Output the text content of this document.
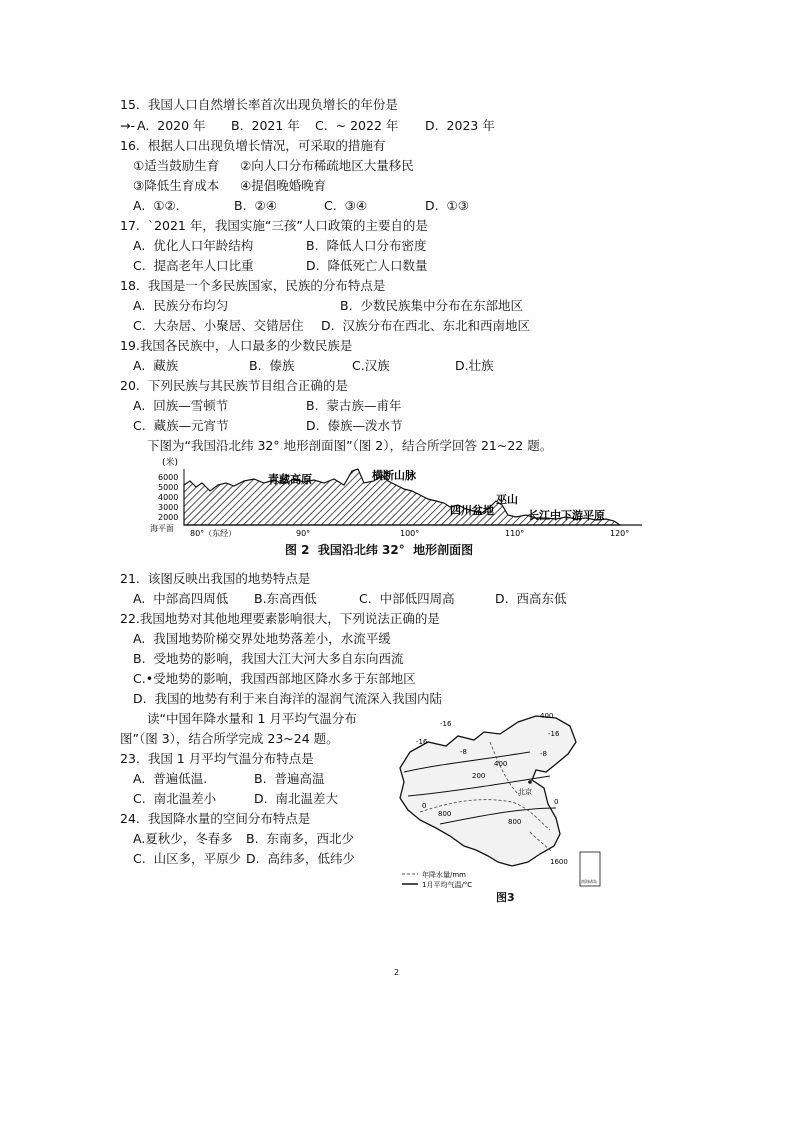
15.  我国人口自然增长率首次出现负增长的年份是
→- A.  2020 年 B.  2021 年 C.  ~ 2022 年 D.  2023 年
16.  根据人口出现负增长情况，可采取的措施有
①适当鼓励生育 ②向人口分布稀疏地区大量移民
③降低生育成本 ④提倡晚婚晚育
A.  ①②.	B.  ②④	C.  ③④	D.  ①③
17.  `2021 年，我国实施“三孩”人口政策的主要自的是
A.  优化人口年龄结构	B.  降低人口分布密度
C.  提高老年人口比重	D.  降低死亡人口数量
18.  我国是一个多民族国家，民族的分布特点是
A.  民族分布均匀	B.  少数民族集中分布在东部地区
C.  大杂居、小聚居、交错居住 D.  汉族分布在西北、东北和西南地区
19.我国各民族中，人口最多的少数民族是
A.  藏族	B.  傣族	C.汉族	D.壮族
20.  下列民族与其民族节目组合正确的是
A.  回族—雪顿节	B.  蒙古族—甫年
C.  藏族—元宵节	D.  傣族—泼水节
下图为“我国沿北纬 32° 地形剖面图”（图 2），结合所学回答 21~22 题。
(米)
6000
5000
4000
3000
2000
海平面
青藏高原	横断山脉
四川盆地
巫山
长江中下游平原
80°（东经）	90°	100°	110°	120°
图 2  我国沿北纬 32°  地形剖面图
21.  该图反映出我国的地势特点是
A.  中部高四周低 B.东高西低	C.  中部低四周高	D.  西高东低
22.我国地势对其他地理要素影响很大，下列说法正确的是
A.  我国地势阶梯交界处地势落差小，水流平缓
B.  受地势的影响，我国大江大河大多自东向西流
C.•受地势的影响，我国西部地区降水多于东部地区
D.  我国的地势有利于来自海洋的湿润气流深入我国内陆
读“中国年降水量和 1 月平均气温分布
图”（图 3），结合所学完成 23~24 题。
23.  我国 1 月平均气温分布特点是
A.  普遍低温.	B.  普遍高温
C.  南北温差小	D.  南北温差大
24.  我国降水量的空间分布特点是
A.夏秋少，冬春多 B.  东南多，西北少
C.  山区多，平原少 D.  高纬多，低纬少
北京
-16
-16
-16
-8	-8
0	0
400
400
200
800
800
1600
南海诸岛
年降水量/mm
1月平均气温/°C
图3
2
